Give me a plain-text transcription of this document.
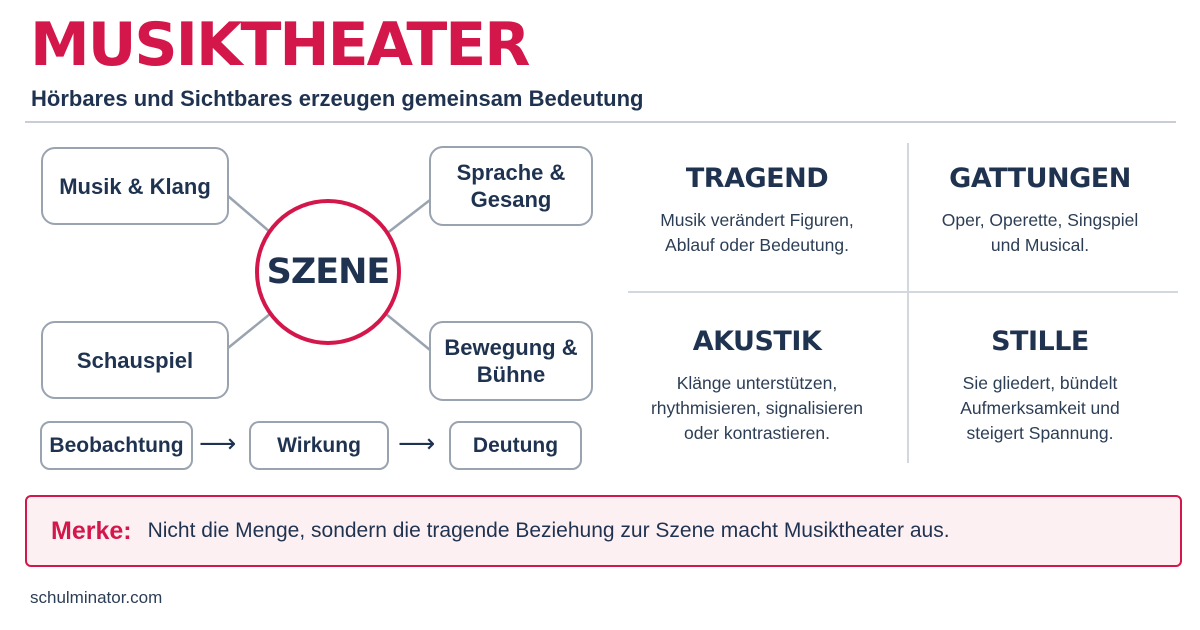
MUSIKTHEATER
Hörbares und Sichtbares erzeugen gemeinsam Bedeutung
Musik & Klang
Sprache &
Gesang
Schauspiel	Bewegung &
Bühne
SZENE
Beobachtung ⟶	Wirkung	⟶	Deutung
TRAGEND

Musik verändert Figuren,
Ablauf oder Bedeutung.

GATTUNGEN

Oper, Operette, Singspiel
und Musical.

AKUSTIK

Klänge unterstützen,
rhythmisieren, signalisieren
oder kontrastieren.

STILLE

Sie gliedert, bündelt
Aufmerksamkeit und
steigert Spannung.

Merke: Nicht die Menge, sondern die tragende Beziehung zur Szene macht Musiktheater aus.
schulminator.com
